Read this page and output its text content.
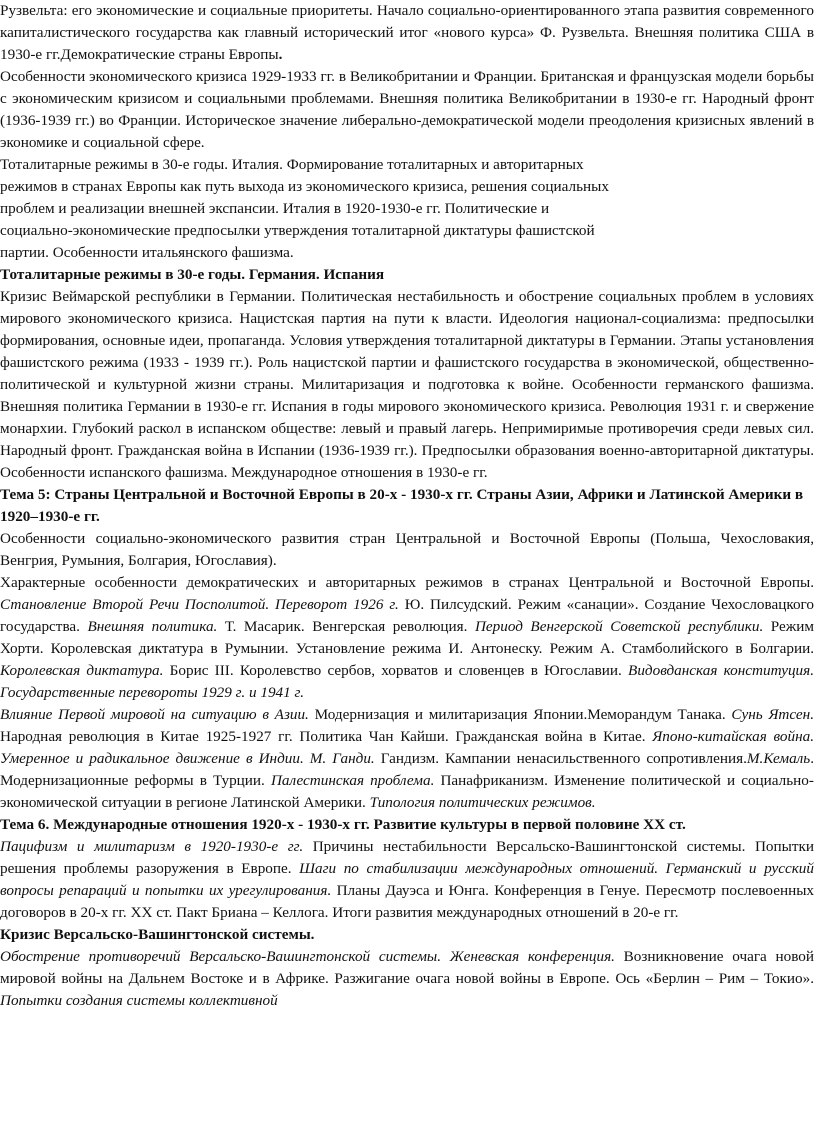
Рузвельта: его экономические и социальные приоритеты. Начало социально-ориентированного этапа развития современного капиталистического государства как главный исторический итог «нового курса» Ф. Рузвельта. Внешняя политика США в 1930-е гг.Демократические страны Европы.

Особенности экономического кризиса 1929-1933 гг. в Великобритании и Франции. Британская и французская модели борьбы с экономическим кризисом и социальными проблемами. Внешняя политика Великобритании в 1930-е гг. Народный фронт (1936-1939 гг.) во Франции. Историческое значение либерально-демократической модели преодоления кризисных явлений в экономике и социальной сфере.

Тоталитарные режимы в 30-е годы. Италия. Формирование тоталитарных и авторитарных
режимов в странах Европы как путь выхода из экономического кризиса, решения социальных
проблем и реализации внешней экспансии. Италия в 1920-1930-е гг. Политические и
социально-экономические предпосылки утверждения тоталитарной диктатуры фашистской
партии. Особенности итальянского фашизма.

Тоталитарные режимы в 30-е годы. Германия. Испания

Кризис Веймарской республики в Германии. Политическая нестабильность и обострение социальных проблем в условиях мирового экономического кризиса. Нацистская партия на пути к власти. Идеология национал-социализма: предпосылки формирования, основные идеи, пропаганда. Условия утверждения тоталитарной диктатуры в Германии. Этапы установления фашистского режима (1933 - 1939 гг.). Роль нацистской партии и фашистского государства в экономической, общественно-политической и культурной жизни страны. Милитаризация и подготовка к войне. Особенности германского фашизма. Внешняя политика Германии в 1930-е гг. Испания в годы мирового экономического кризиса. Революция 1931 г. и свержение монархии. Глубокий раскол в испанском обществе: левый и правый лагерь. Непримиримые противоречия среди левых сил. Народный фронт. Гражданская война в Испании (1936-1939 гг.). Предпосылки образования военно-авторитарной диктатуры. Особенности испанского фашизма. Международное отношения в 1930-е гг.

Тема 5: Страны Центральной и Восточной Европы в 20-х - 1930-х гг. Страны Азии, Африки и Латинской Америки в 1920–1930-е гг.

Особенности социально-экономического развития стран Центральной и Восточной Европы (Польша, Чехословакия, Венгрия, Румыния, Болгария, Югославия).

Характерные особенности демократических и авторитарных режимов в странах Центральной и Восточной Европы. Становление Второй Речи Посполитой. Переворот 1926 г. Ю. Пилсудский. Режим «санации». Создание Чехословацкого государства. Внешняя политика. Т. Масарик. Венгерская революция. Период Венгерской Советской республики. Режим Хорти. Королевская диктатура в Румынии. Установление режима И. Антонеску. Режим А. Стамболийского в Болгарии. Королевская диктатура. Борис III. Королевство сербов, хорватов и словенцев в Югославии. Видовданская конституция. Государственные перевороты 1929 г. и 1941 г.

Влияние Первой мировой на ситуацию в Азии. Модернизация и милитаризация Японии.Меморандум Танака. Сунь Ятсен. Народная революция в Китае 1925-1927 гг. Политика Чан Кайши. Гражданская война в Китае. Японо-китайская война. Умеренное и радикальное движение в Индии. М. Ганди. Гандизм. Кампании ненасильственного сопротивления.М.Кемаль. Модернизационные реформы в Турции. Палестинская проблема. Панафриканизм. Изменение политической и социально-экономической ситуации в регионе Латинской Америки. Типология политических режимов.

Тема 6. Международные отношения 1920-х - 1930-х гг. Развитие культуры в первой половине XX ст.

Пацифизм и милитаризм в 1920-1930-е гг. Причины нестабильности Версальско-Вашингтонской системы. Попытки решения проблемы разоружения в Европе. Шаги по стабилизации международных отношений. Германский и русский вопросы репараций и попытки их урегулирования. Планы Дауэса и Юнга. Конференция в Генуе. Пересмотр послевоенных договоров в 20-х гг. XX ст. Пакт Бриана – Келлога. Итоги развития международных отношений в 20-е гг.

Кризис Версальско-Вашингтонской системы.

Обострение противоречий Версальско-Вашингтонской системы. Женевская конференция. Возникновение очага новой мировой войны на Дальнем Востоке и в Африке. Разжигание очага новой войны в Европе. Ось «Берлин – Рим – Токио». Попытки создания системы коллективной
